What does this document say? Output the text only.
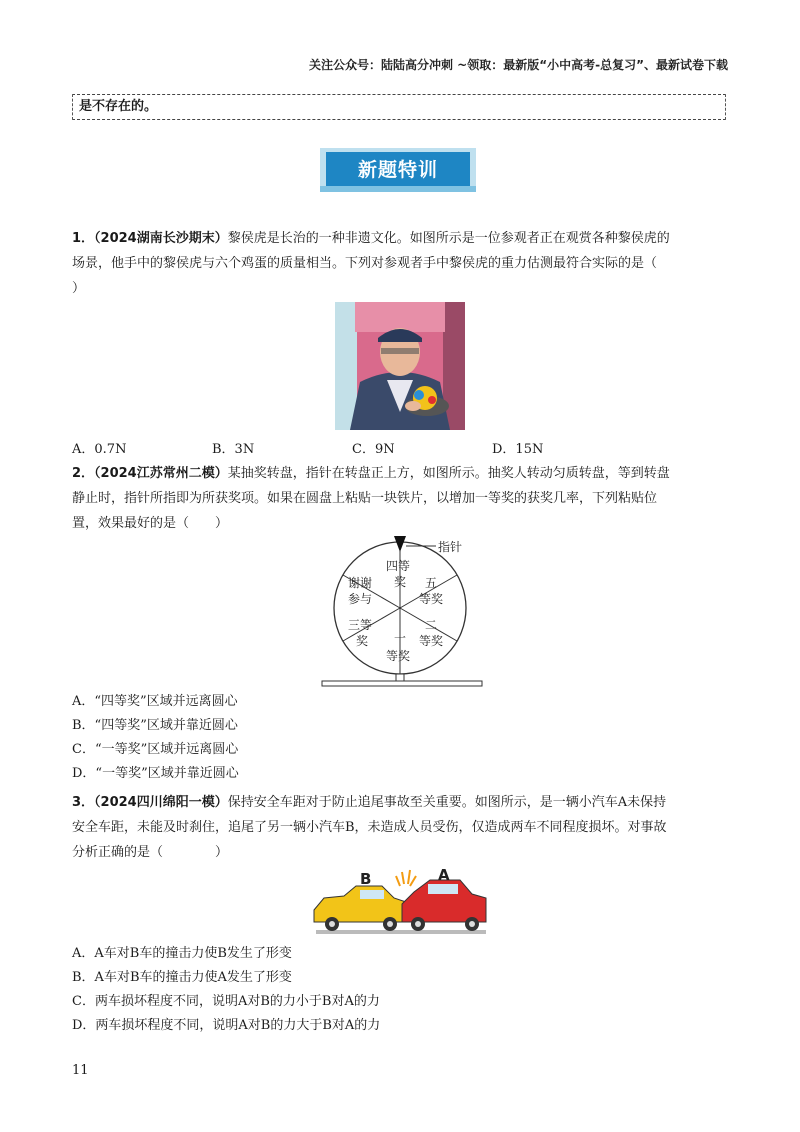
关注公众号：陆陆高分冲刺 ~领取：最新版“小中高考-总复习”、最新试卷下载
是不存在的。
新题特训
1．（2024湖南长沙期末）黎侯虎是长治的一种非遗文化。如图所示是一位参观者正在观赏各种黎侯虎的
场景，他手中的黎侯虎与六个鸡蛋的质量相当。下列对参观者手中黎侯虎的重力估测最符合实际的是（
）
A．0.7N	B．3N	C．9N	D．15N
2．（2024江苏常州二模）某抽奖转盘，指针在转盘正上方，如图所示。抽奖人转动匀质转盘，等到转盘
静止时，指针所指即为所获奖项。如果在圆盘上粘贴一块铁片，以增加一等奖的获奖几率，下列粘贴位
置，效果最好的是（　　）
指针
四等
奖 五
等奖
二
等奖
一
等奖
三等
奖
谢谢
参与
A．“四等奖”区域并远离圆心
B．“四等奖”区域并靠近圆心
C．“一等奖”区域并远离圆心
D．“一等奖”区域并靠近圆心
3．（2024四川绵阳一模）保持安全车距对于防止追尾事故至关重要。如图所示，是一辆小汽车A未保持
安全车距，未能及时刹住，追尾了另一辆小汽车B，未造成人员受伤，仅造成两车不同程度损坏。对事故
分析正确的是（　　　　）
B	A
A．A车对B车的撞击力使B发生了形变
B．A车对B车的撞击力使A发生了形变
C．两车损坏程度不同，说明A对B的力小于B对A的力
D．两车损坏程度不同，说明A对B的力大于B对A的力
11
